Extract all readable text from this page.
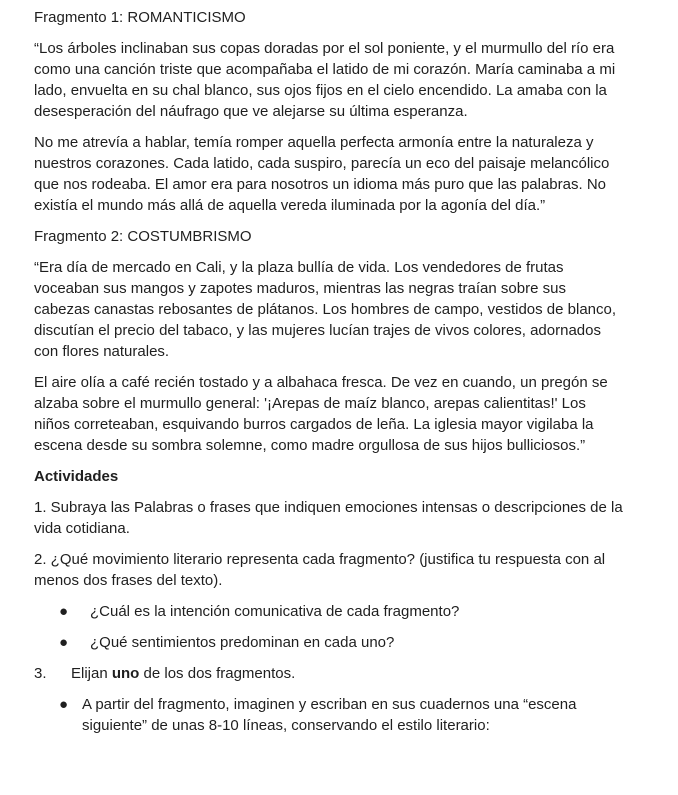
Fragmento 1: ROMANTICISMO

“Los árboles inclinaban sus copas doradas por el sol poniente, y el murmullo del río era como una canción triste que acompañaba el latido de mi corazón. María caminaba a mi lado, envuelta en su chal blanco, sus ojos fijos en el cielo encendido. La amaba con la desesperación del náufrago que ve alejarse su última esperanza.

No me atrevía a hablar, temía romper aquella perfecta armonía entre la naturaleza y nuestros corazones. Cada latido, cada suspiro, parecía un eco del paisaje melancólico que nos rodeaba. El amor era para nosotros un idioma más puro que las palabras. No existía el mundo más allá de aquella vereda iluminada por la agonía del día.”

Fragmento 2: COSTUMBRISMO

“Era día de mercado en Cali, y la plaza bullía de vida. Los vendedores de frutas voceaban sus mangos y zapotes maduros, mientras las negras traían sobre sus cabezas canastas rebosantes de plátanos. Los hombres de campo, vestidos de blanco, discutían el precio del tabaco, y las mujeres lucían trajes de vivos colores, adornados con flores naturales.

El aire olía a café recién tostado y a albahaca fresca. De vez en cuando, un pregón se alzaba sobre el murmullo general: '¡Arepas de maíz blanco, arepas calientitas!' Los niños correteaban, esquivando burros cargados de leña. La iglesia mayor vigilaba la escena desde su sombra solemne, como madre orgullosa de sus hijos bulliciosos.”

Actividades

1. Subraya las Palabras o frases que indiquen emociones intensas o descripciones de la vida cotidiana.

2. ¿Qué movimiento literario representa cada fragmento? (justifica tu respuesta con al menos dos frases del texto).

● ¿Cuál es la intención comunicativa de cada fragmento?
● ¿Qué sentimientos predominan en cada uno?
3. Elijan uno de los dos fragmentos.
● A partir del fragmento, imaginen y escriban en sus cuadernos una “escena siguiente” de unas 8-10 líneas, conservando el estilo literario:
